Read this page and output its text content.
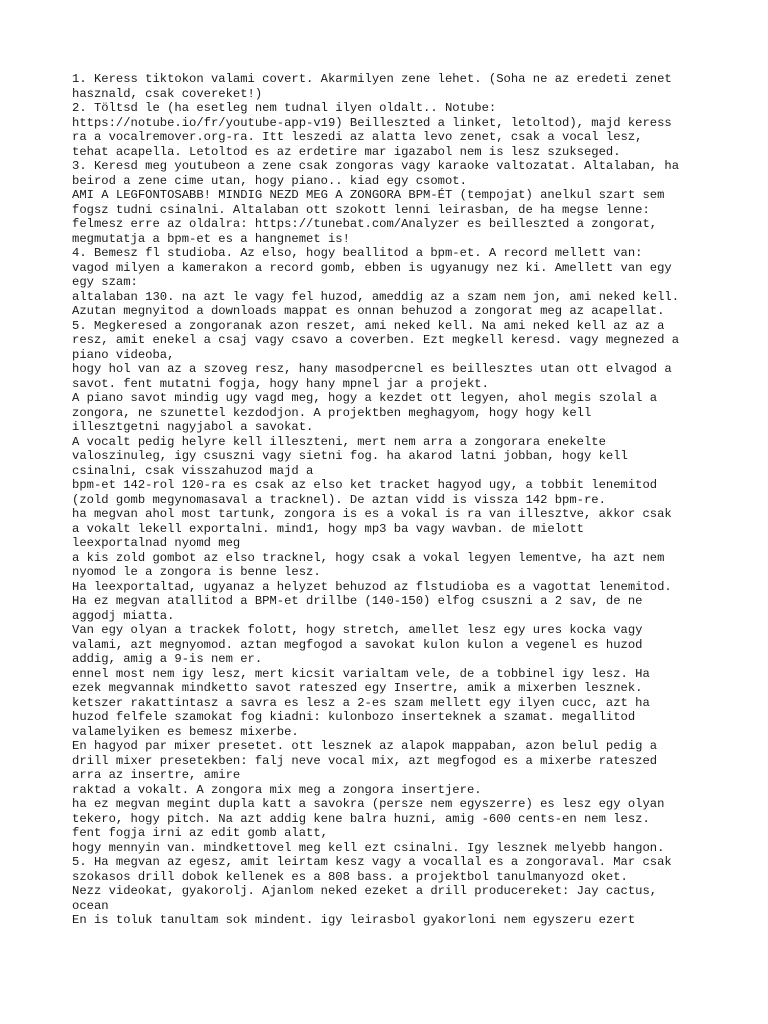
1. Keress tiktokon valami covert. Akarmilyen zene lehet. (Soha ne az eredeti zenet
hasznald, csak covereket!)
2. Töltsd le (ha esetleg nem tudnal ilyen oldalt.. Notube:
https://notube.io/fr/youtube-app-v19) Beilleszted a linket, letoltod), majd keress
ra a vocalremover.org-ra. Itt leszedi az alatta levo zenet, csak a vocal lesz,
tehat acapella. Letoltod es az erdetire mar igazabol nem is lesz szukseged.
3. Keresd meg youtubeon a zene csak zongoras vagy karaoke valtozatat. Altalaban, ha
beirod a zene cime utan, hogy piano.. kiad egy csomot.
AMI A LEGFONTOSABB! MINDIG NEZD MEG A ZONGORA BPM-ÉT (tempojat) anelkul szart sem
fogsz tudni csinalni. Altalaban ott szokott lenni leirasban, de ha megse lenne:
felmesz erre az oldalra: https://tunebat.com/Analyzer es beilleszted a zongorat,
megmutatja a bpm-et es a hangnemet is!
4. Bemesz fl studioba. Az elso, hogy beallitod a bpm-et. A record mellett van:
vagod milyen a kamerakon a record gomb, ebben is ugyanugy nez ki. Amellett van egy
egy szam:
altalaban 130. na azt le vagy fel huzod, ameddig az a szam nem jon, ami neked kell.
Azutan megnyitod a downloads mappat es onnan behuzod a zongorat meg az acapellat.
5. Megkeresed a zongoranak azon reszet, ami neked kell. Na ami neked kell az az a
resz, amit enekel a csaj vagy csavo a coverben. Ezt megkell keresd. vagy megnezed a
piano videoba,
hogy hol van az a szoveg resz, hany masodpercnel es beillesztes utan ott elvagod a
savot. fent mutatni fogja, hogy hany mpnel jar a projekt.
A piano savot mindig ugy vagd meg, hogy a kezdet ott legyen, ahol megis szolal a
zongora, ne szunettel kezdodjon. A projektben meghagyom, hogy hogy kell
illesztgetni nagyjabol a savokat.
A vocalt pedig helyre kell illeszteni, mert nem arra a zongorara enekelte
valoszinuleg, igy csuszni vagy sietni fog. ha akarod latni jobban, hogy kell
csinalni, csak visszahuzod majd a
bpm-et 142-rol 120-ra es csak az elso ket tracket hagyod ugy, a tobbit lenemitod
(zold gomb megynomasaval a tracknel). De aztan vidd is vissza 142 bpm-re.
ha megvan ahol most tartunk, zongora is es a vokal is ra van illesztve, akkor csak
a vokalt lekell exportalni. mind1, hogy mp3 ba vagy wavban. de mielott
leexportalnad nyomd meg
a kis zold gombot az elso tracknel, hogy csak a vokal legyen lementve, ha azt nem
nyomod le a zongora is benne lesz.
Ha leexportaltad, ugyanaz a helyzet behuzod az flstudioba es a vagottat lenemitod.
Ha ez megvan atallitod a BPM-et drillbe (140-150) elfog csuszni a 2 sav, de ne
aggodj miatta.
Van egy olyan a trackek folott, hogy stretch, amellet lesz egy ures kocka vagy
valami, azt megnyomod. aztan megfogod a savokat kulon kulon a vegenel es huzod
addig, amig a 9-is nem er.
ennel most nem igy lesz, mert kicsit varialtam vele, de a tobbinel igy lesz. Ha
ezek megvannak mindketto savot rateszed egy Insertre, amik a mixerben lesznek.
ketszer rakattintasz a savra es lesz a 2-es szam mellett egy ilyen cucc, azt ha
huzod felfele szamokat fog kiadni: kulonbozo inserteknek a szamat. megallitod
valamelyiken es bemesz mixerbe.
En hagyod par mixer presetet. ott lesznek az alapok mappaban, azon belul pedig a
drill mixer presetekben: falj neve vocal mix, azt megfogod es a mixerbe rateszed
arra az insertre, amire
raktad a vokalt. A zongora mix meg a zongora insertjere.
ha ez megvan megint dupla katt a savokra (persze nem egyszerre) es lesz egy olyan
tekero, hogy pitch. Na azt addig kene balra huzni, amig -600 cents-en nem lesz.
fent fogja irni az edit gomb alatt,
hogy mennyin van. mindkettovel meg kell ezt csinalni. Igy lesznek melyebb hangon.
5. Ha megvan az egesz, amit leirtam kesz vagy a vocallal es a zongoraval. Mar csak
szokasos drill dobok kellenek es a 808 bass. a projektbol tanulmanyozd oket.
Nezz videokat, gyakorolj. Ajanlom neked ezeket a drill producereket: Jay cactus,
ocean
En is toluk tanultam sok mindent. igy leirasbol gyakorloni nem egyszeru ezert
